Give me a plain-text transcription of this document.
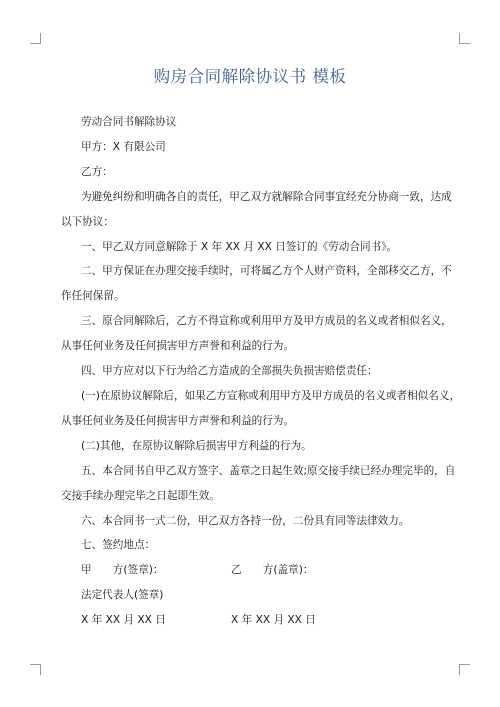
购房合同解除协议书 模板
劳动合同书解除协议
甲方：X 有限公司
乙方：
为避免纠纷和明确各自的责任，甲乙双方就解除合同事宜经充分协商一致，达成
以下协议：
一、甲乙双方同意解除于 X 年 XX 月 XX 日签订的《劳动合同书》。
二、甲方保证在办理交接手续时，可将属乙方个人财产资料，全部移交乙方，不
作任何保留。
三、原合同解除后，乙方不得宣称或利用甲方及甲方成员的名义或者相似名义，
从事任何业务及任何损害甲方声誉和利益的行为。
四、甲方应对以下行为给乙方造成的全部损失负损害赔偿责任：
(一)在原协议解除后，如果乙方宣称或利用甲方及甲方成员的名义或者相似名义，
从事任何业务及任何损害甲方声誉和利益的行为。
(二)其他，在原协议解除后损害甲方利益的行为。
五、本合同书自甲乙双方签字、盖章之日起生效;原交接手续已经办理完毕的，自
交接手续办理完毕之日起即生效。
六、本合同书一式二份，甲乙双方各持一份，二份具有同等法律效力。
七、签约地点：
甲　　方(签章)：	乙　　方(盖章)：
法定代表人(签章)
X 年 XX 月 XX 日	X 年 XX 月 XX 日
